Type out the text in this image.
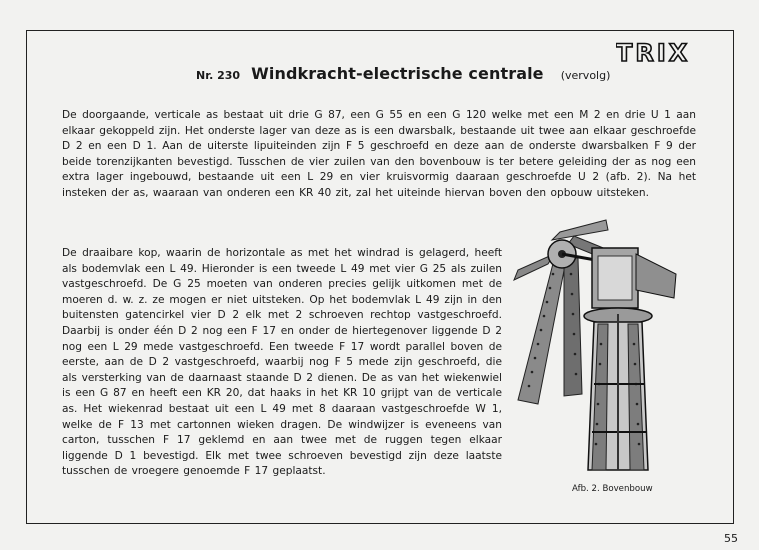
TRIX
Nr. 230 Windkracht-electrische centrale (vervolg)
De doorgaande, verticale as bestaat uit drie G 87, een G 55 en een G 120 welke met een M 2 en drie U 1 aan elkaar gekoppeld zijn. Het onderste lager van deze as is een dwarsbalk, bestaande uit twee aan elkaar geschroefde D 2 en een D 1. Aan de uiterste lipuiteinden zijn F 5 geschroefd en deze aan de onderste dwarsbalken F 9 der beide torenzijkanten bevestigd. Tusschen de vier zuilen van den bovenbouw is ter betere geleiding der as nog een extra lager ingebouwd, bestaande uit een L 29 en vier kruisvormig daaraan geschroefde U 2 (afb. 2). Na het insteken der as, waaraan van onderen een KR 40 zit, zal het uiteinde hiervan boven den opbouw uitsteken.
De draaibare kop, waarin de horizontale as met het windrad is gelagerd, heeft als bodemvlak een L 49. Hieronder is een tweede L 49 met vier G 25 als zuilen vastgeschroefd. De G 25 moeten van onderen precies gelijk uitkomen met de moeren d. w. z. ze mogen er niet uitsteken. Op het bodemvlak L 49 zijn in den buitensten gatencirkel vier D 2 elk met 2 schroeven rechtop vastgeschroefd. Daarbij is onder één D 2 nog een F 17 en onder de hiertegenover liggende D 2 nog een L 29 mede vastgeschroefd. Een tweede F 17 wordt parallel boven de eerste, aan de D 2 vastgeschroefd, waarbij nog F 5 mede zijn geschroefd, die als versterking van de daarnaast staande D 2 dienen. De as van het wiekenwiel is een G 87 en heeft een KR 20, dat haaks in het KR 10 grijpt van de verticale as. Het wiekenrad bestaat uit een L 49 met 8 daaraan vastgeschroefde W 1, welke de F 13 met cartonnen wieken dragen. De windwijzer is eveneens van carton, tusschen F 17 geklemd en aan twee met de ruggen tegen elkaar liggende D 1 bevestigd. Elk met twee schroeven bevestigd zijn deze laatste tusschen de vroegere genoemde F 17 geplaatst.
Afb. 2. Bovenbouw
55
